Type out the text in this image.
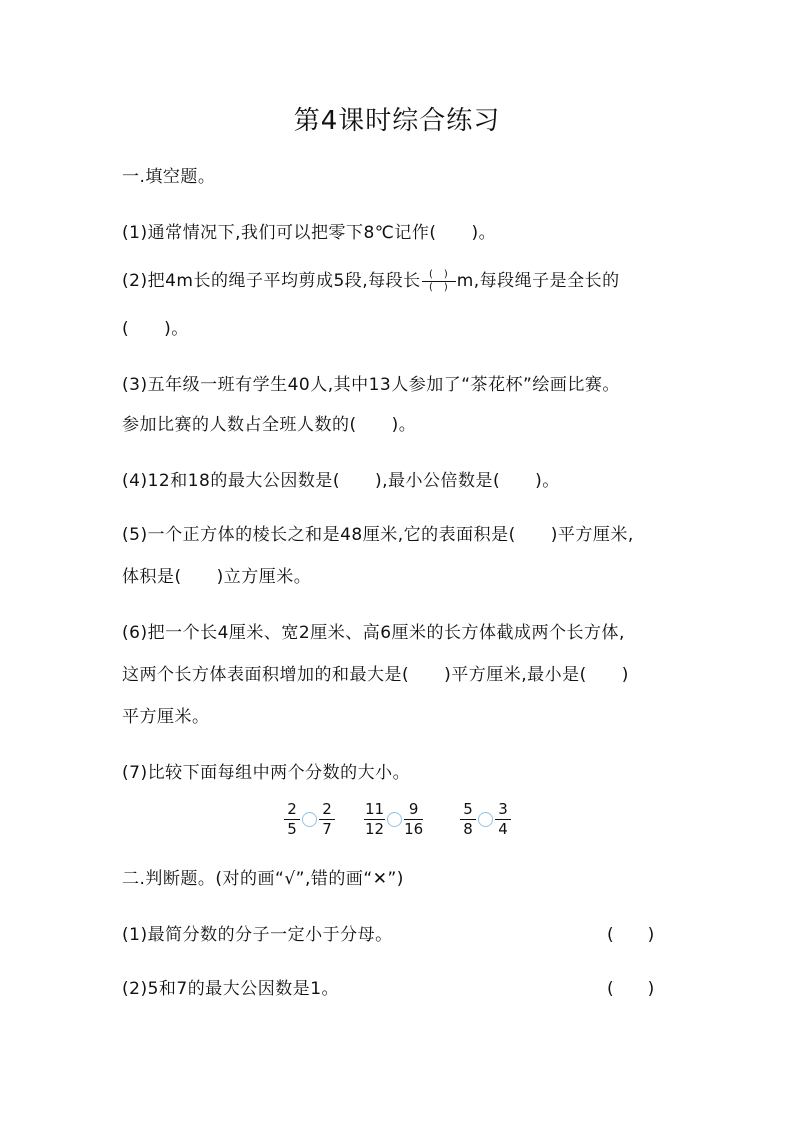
第4课时综合练习
一.填空题。
(1)通常情况下,我们可以把零下8℃记作(　　)。
(2)把4m长的绳子平均剪成5段,每段长 $\frac{( )}{( )} m$,每段绳子是全长的
(　　)。
(3)五年级一班有学生40人,其中13人参加了“茶花杯”绘画比赛。
参加比赛的人数占全班人数的(　　)。
(4)12和18的最大公因数是(　　),最小公倍数是(　　)。
(5)一个正方体的棱长之和是48厘米,它的表面积是(　　)平方厘米,
体积是(　　)立方厘米。
(6)把一个长4厘米、宽2厘米、高6厘米的长方体截成两个长方体,
这两个长方体表面积增加的和最大是(　　)平方厘米,最小是(　　)
平方厘米。
(7)比较下面每组中两个分数的大小。
$\frac{2}{5} \frac{2}{7} \frac{11}{12} \frac{9}{16} \frac{5}{8} \frac{3}{4}$
二.判断题。(对的画“√”,错的画“✕”)
(1)最简分数的分子一定小于分母。	(　　)
(2)5和7的最大公因数是1。	(　　)
